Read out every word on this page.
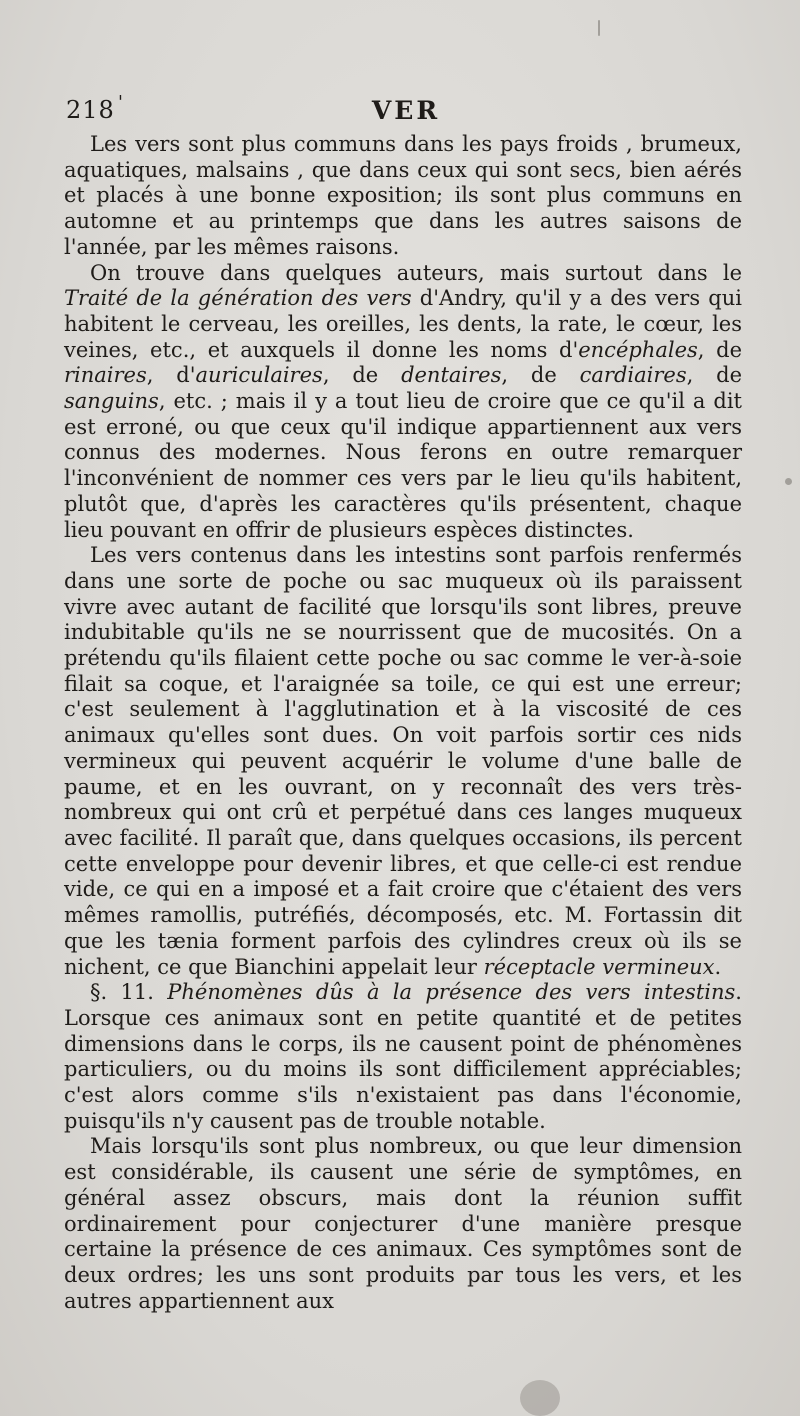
218 '	VER

Les vers sont plus communs dans les pays froids , brumeux, aquatiques, malsains , que dans ceux qui sont secs, bien aérés et placés à une bonne exposition; ils sont plus communs en automne et au printemps que dans les autres saisons de l'année, par les mêmes raisons.

On trouve dans quelques auteurs, mais surtout dans le Traité de la génération des vers d'Andry, qu'il y a des vers qui habitent le cerveau, les oreilles, les dents, la rate, le cœur, les veines, etc., et auxquels il donne les noms d'encéphales, de rinaires, d'auriculaires, de dentaires, de cardiaires, de sanguins, etc. ; mais il y a tout lieu de croire que ce qu'il a dit est erroné, ou que ceux qu'il indique appartiennent aux vers connus des modernes. Nous ferons en outre remarquer l'inconvénient de nommer ces vers par le lieu qu'ils habitent, plutôt que, d'après les caractères qu'ils présentent, chaque lieu pouvant en offrir de plusieurs espèces distinctes.

Les vers contenus dans les intestins sont parfois renfermés dans une sorte de poche ou sac muqueux où ils paraissent vivre avec autant de facilité que lorsqu'ils sont libres, preuve indubitable qu'ils ne se nourrissent que de mucosités. On a prétendu qu'ils filaient cette poche ou sac comme le ver-à-soie filait sa coque, et l'araignée sa toile, ce qui est une erreur; c'est seulement à l'agglutination et à la viscosité de ces animaux qu'elles sont dues. On voit parfois sortir ces nids vermineux qui peuvent acquérir le volume d'une balle de paume, et en les ouvrant, on y reconnaît des vers très-nombreux qui ont crû et perpétué dans ces langes muqueux avec facilité. Il paraît que, dans quelques occasions, ils percent cette enveloppe pour devenir libres, et que celle-ci est rendue vide, ce qui en a imposé et a fait croire que c'étaient des vers mêmes ramollis, putréfiés, décomposés, etc. M. Fortassin dit que les tænia forment parfois des cylindres creux où ils se nichent, ce que Bianchini appelait leur réceptacle vermineux.

§. 11. Phénomènes dûs à la présence des vers intestins. Lorsque ces animaux sont en petite quantité et de petites dimensions dans le corps, ils ne causent point de phénomènes particuliers, ou du moins ils sont difficilement appréciables; c'est alors comme s'ils n'existaient pas dans l'économie, puisqu'ils n'y causent pas de trouble notable.

Mais lorsqu'ils sont plus nombreux, ou que leur dimension est considérable, ils causent une série de symptômes, en général assez obscurs, mais dont la réunion suffit ordinairement pour conjecturer d'une manière presque certaine la présence de ces animaux. Ces symptômes sont de deux ordres; les uns sont produits par tous les vers, et les autres appartiennent aux
